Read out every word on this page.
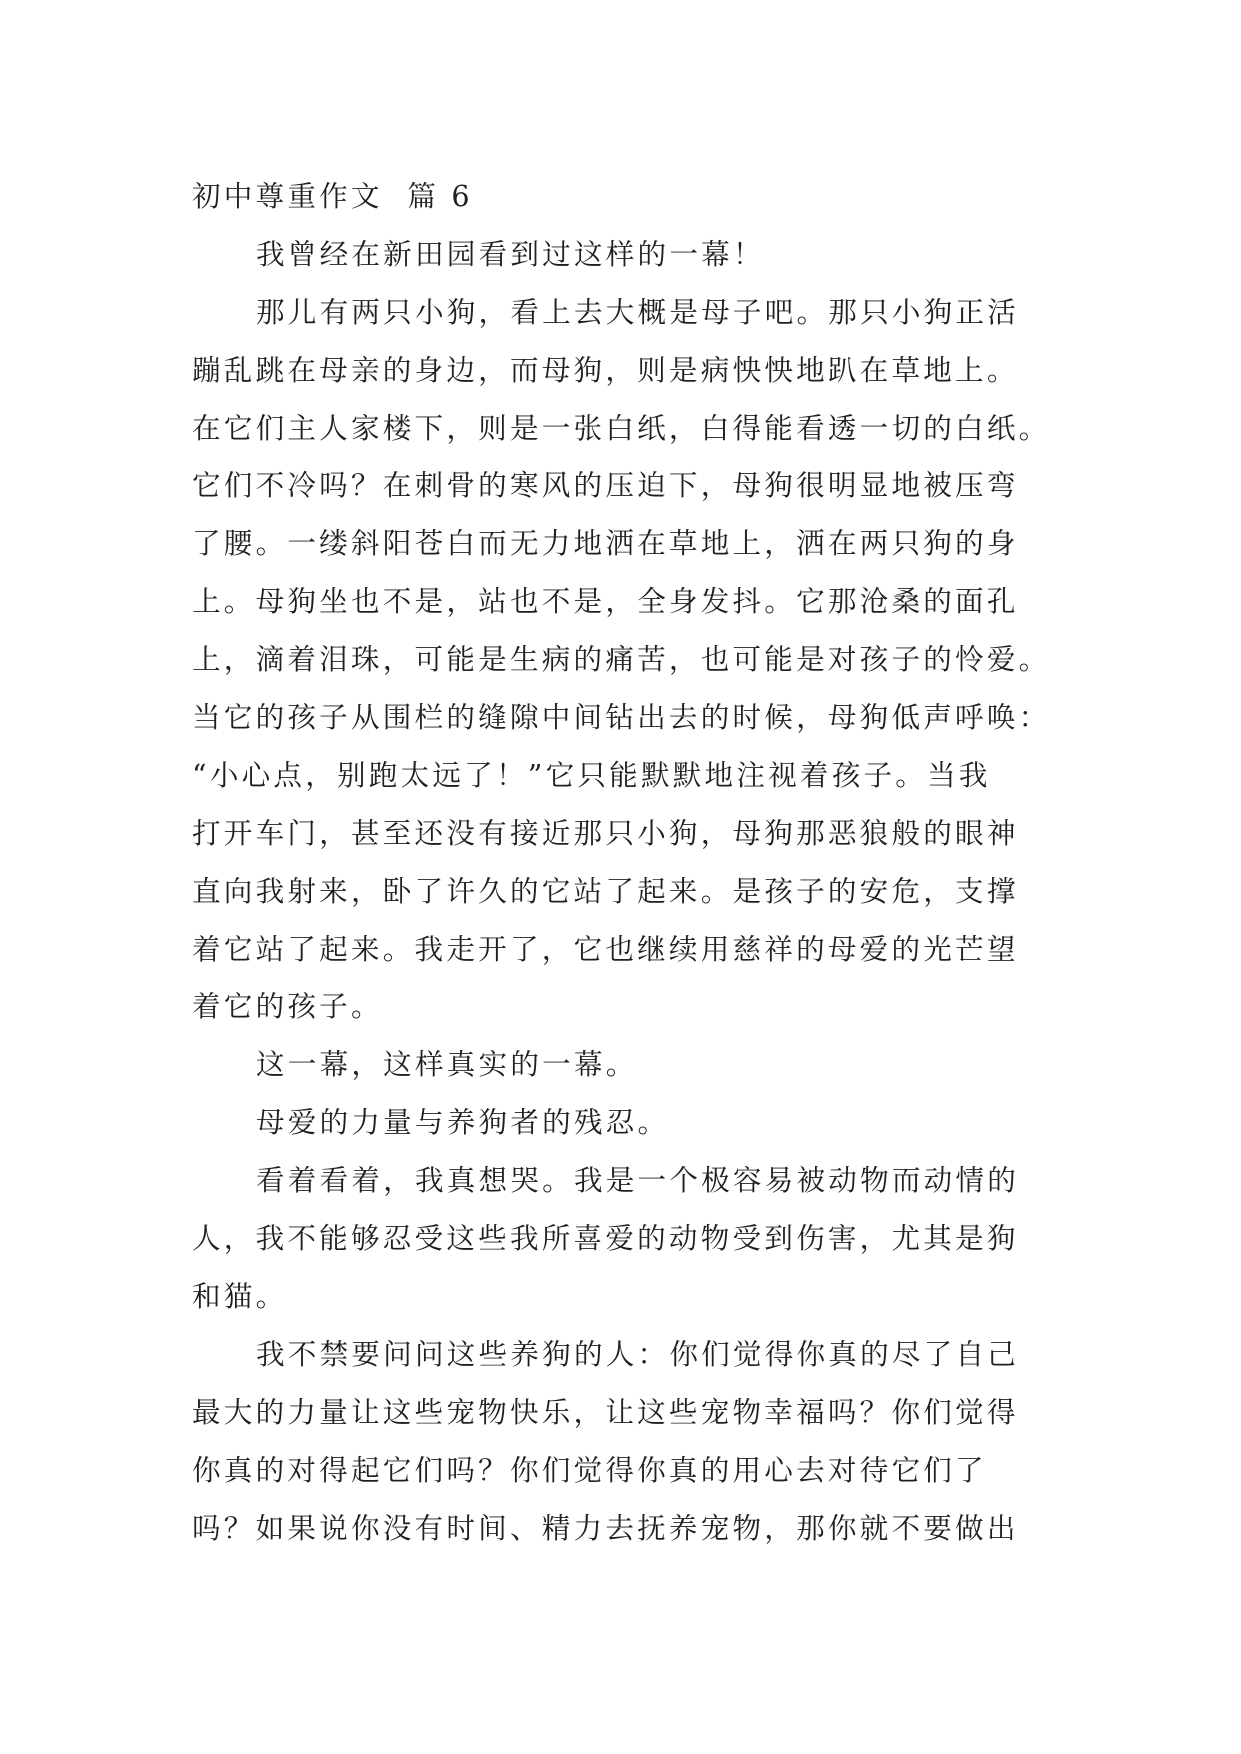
初中尊重作文  篇 6
我曾经在新田园看到过这样的一幕！
那儿有两只小狗，看上去大概是母子吧。那只小狗正活
蹦乱跳在母亲的身边，而母狗，则是病怏怏地趴在草地上。
在它们主人家楼下，则是一张白纸，白得能看透一切的白纸。
它们不冷吗？在刺骨的寒风的压迫下，母狗很明显地被压弯
了腰。一缕斜阳苍白而无力地洒在草地上，洒在两只狗的身
上。母狗坐也不是，站也不是，全身发抖。它那沧桑的面孔
上，滴着泪珠，可能是生病的痛苦，也可能是对孩子的怜爱。
当它的孩子从围栏的缝隙中间钻出去的时候，母狗低声呼唤：
“小心点，别跑太远了！”它只能默默地注视着孩子。当我
打开车门，甚至还没有接近那只小狗，母狗那恶狼般的眼神
直向我射来，卧了许久的它站了起来。是孩子的安危，支撑
着它站了起来。我走开了，它也继续用慈祥的母爱的光芒望
着它的孩子。
这一幕，这样真实的一幕。
母爱的力量与养狗者的残忍。
看着看着，我真想哭。我是一个极容易被动物而动情的
人，我不能够忍受这些我所喜爱的动物受到伤害，尤其是狗
和猫。
我不禁要问问这些养狗的人：你们觉得你真的尽了自己
最大的力量让这些宠物快乐，让这些宠物幸福吗？你们觉得
你真的对得起它们吗？你们觉得你真的用心去对待它们了
吗？如果说你没有时间、精力去抚养宠物，那你就不要做出
